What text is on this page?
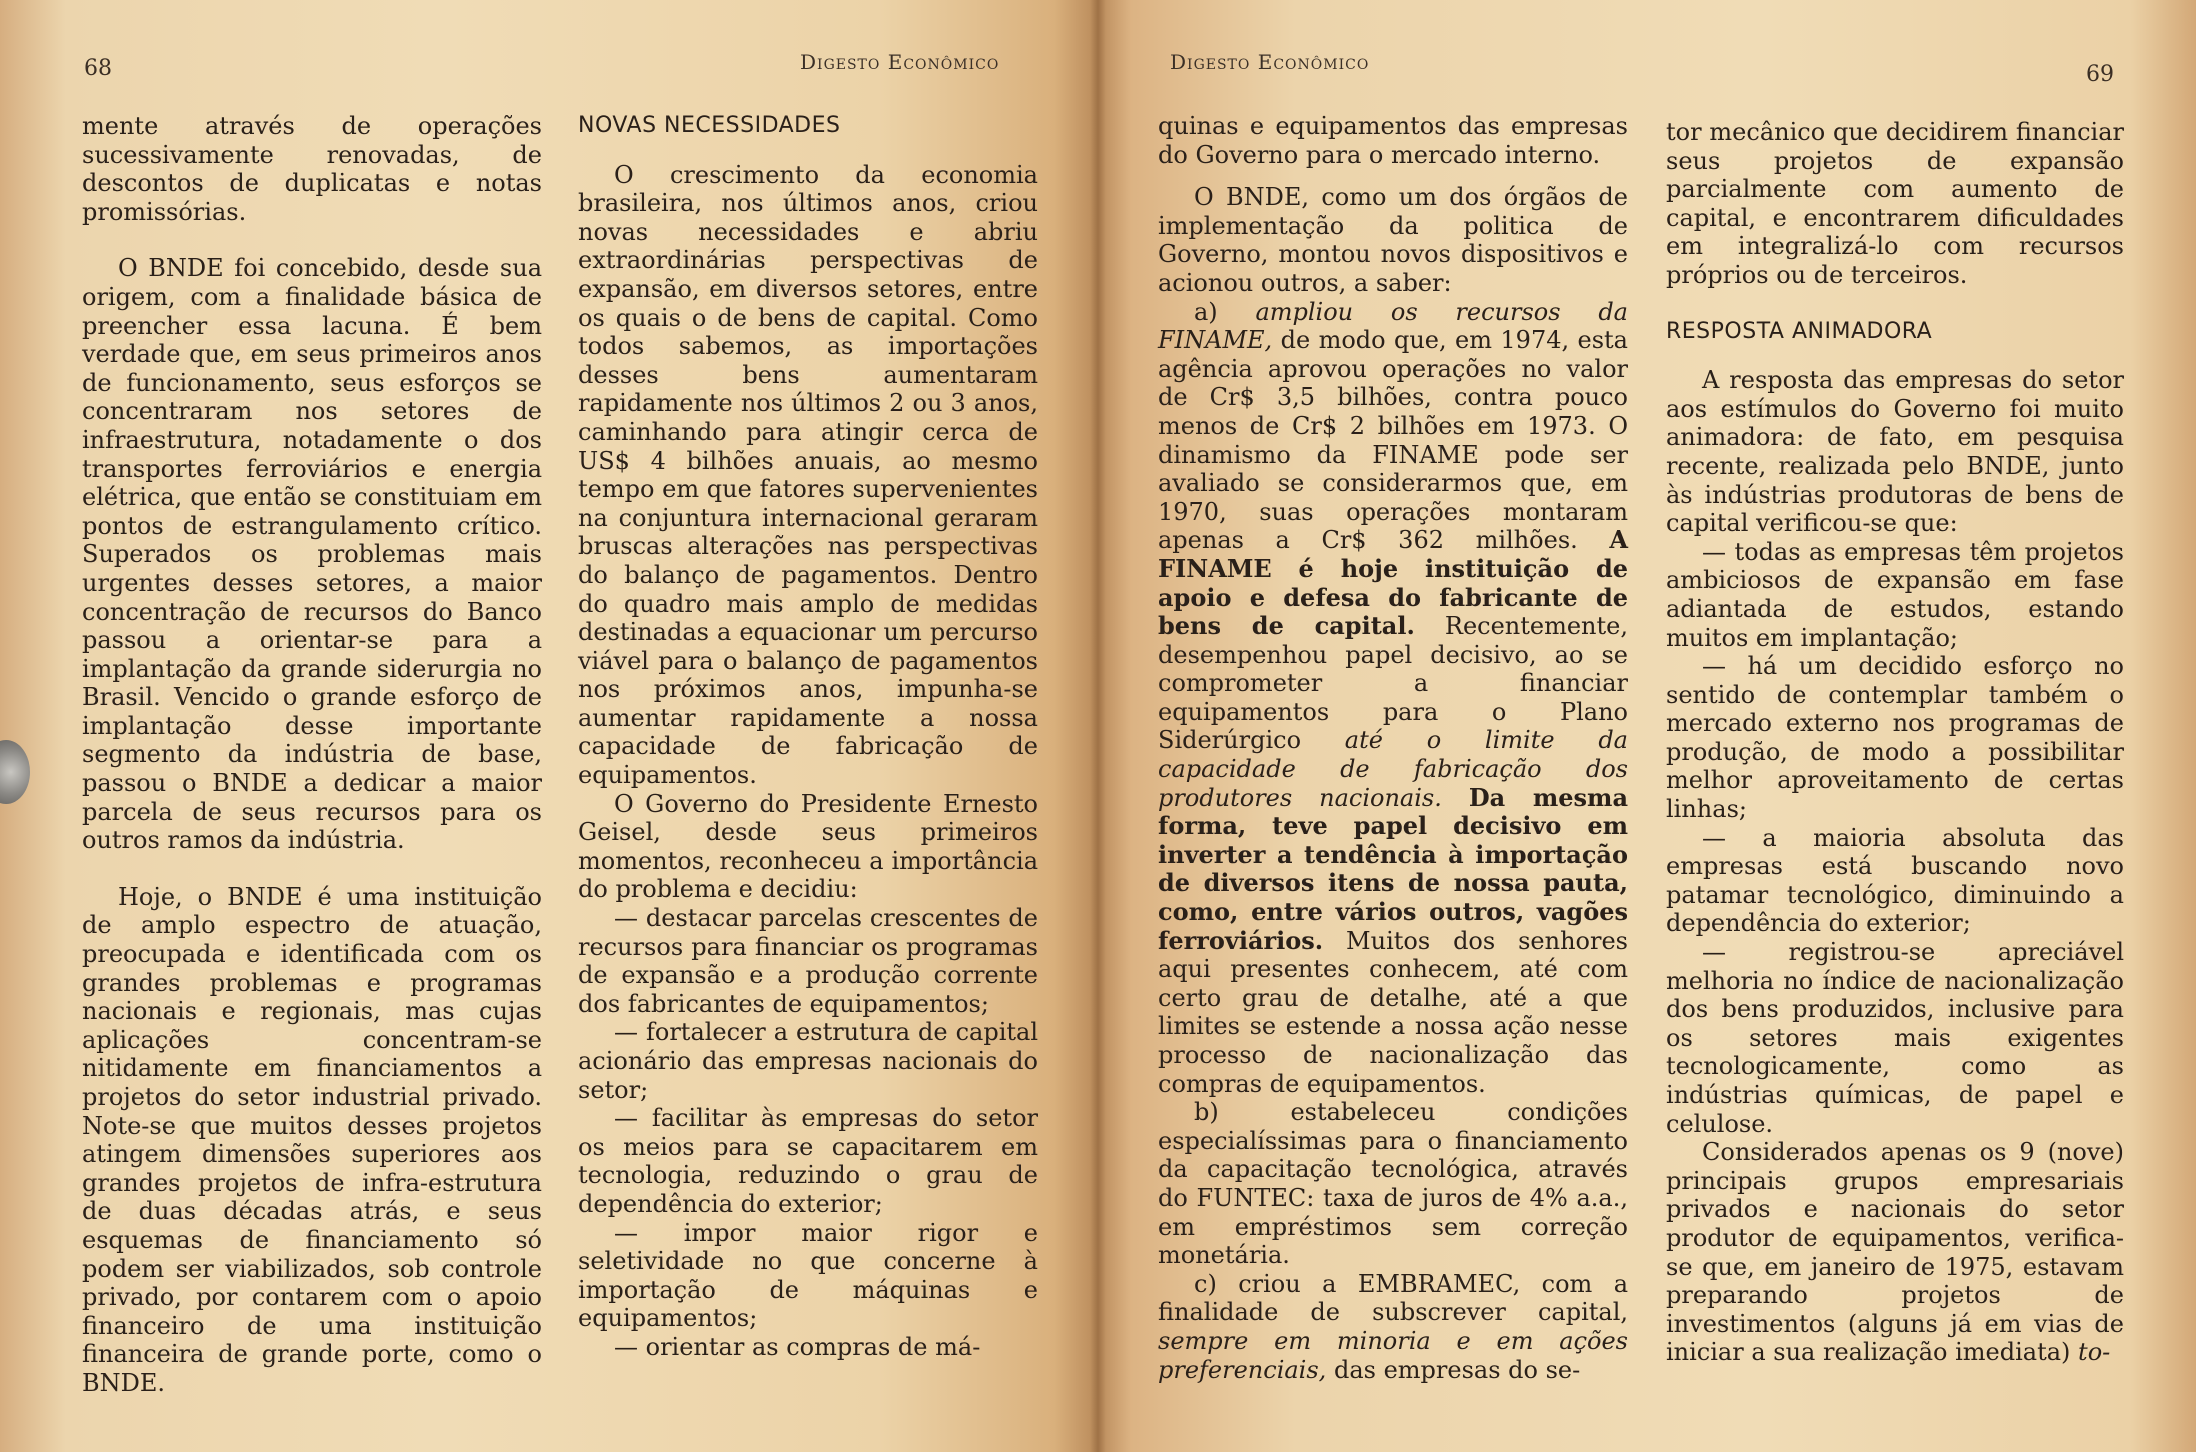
68	Digesto Econômico

mente através de operações sucessivamente renovadas, de descontos de duplicatas e notas promissórias.

O BNDE foi concebido, desde sua origem, com a finalidade básica de preencher essa lacuna. É bem verdade que, em seus primeiros anos de funcionamento, seus esforços se concentraram nos setores de infraestrutura, notadamente o dos transportes ferroviários e energia elétrica, que então se constituiam em pontos de estrangulamento crítico. Superados os problemas mais urgentes desses setores, a maior concentração de recursos do Banco passou a orientar-se para a implantação da grande siderurgia no Brasil. Vencido o grande esforço de implantação desse importante segmento da indústria de base, passou o BNDE a dedicar a maior parcela de seus recursos para os outros ramos da indústria.

Hoje, o BNDE é uma instituição de amplo espectro de atuação, preocupada e identificada com os grandes problemas e programas nacionais e regionais, mas cujas aplicações concentram-se nitidamente em financiamentos a projetos do setor industrial privado. Note-se que muitos desses projetos atingem dimensões superiores aos grandes projetos de infra-estrutura de duas décadas atrás, e seus esquemas de financiamento só podem ser viabilizados, sob controle privado, por contarem com o apoio financeiro de uma instituição financeira de grande porte, como o BNDE.

NOVAS NECESSIDADES

O crescimento da economia brasileira, nos últimos anos, criou novas necessidades e abriu extraordinárias perspectivas de expansão, em diversos setores, entre os quais o de bens de capital. Como todos sabemos, as importações desses bens aumentaram rapidamente nos últimos 2 ou 3 anos, caminhando para atingir cerca de US$ 4 bilhões anuais, ao mesmo tempo em que fatores supervenientes na conjuntura internacional geraram bruscas alterações nas perspectivas do balanço de pagamentos. Dentro do quadro mais amplo de medidas destinadas a equacionar um percurso viável para o balanço de pagamentos nos próximos anos, impunha-se aumentar rapidamente a nossa capacidade de fabricação de equipamentos.

O Governo do Presidente Ernesto Geisel, desde seus primeiros momentos, reconheceu a importância do problema e decidiu:

— destacar parcelas crescentes de recursos para financiar os programas de expansão e a produção corrente dos fabricantes de equipamentos;

— fortalecer a estrutura de capital acionário das empresas nacionais do setor;

— facilitar às empresas do setor os meios para se capacitarem em tecnologia, reduzindo o grau de dependência do exterior;

— impor maior rigor e seletividade no que concerne à importação de máquinas e equipamentos;

— orientar as compras de má-

Digesto Econômico	69

quinas e equipamentos das empresas do Governo para o mercado interno.

O BNDE, como um dos órgãos de implementação da politica de Governo, montou novos dispositivos e acionou outros, a saber:

a) ampliou os recursos da FINAME, de modo que, em 1974, esta agência aprovou operações no valor de Cr$ 3,5 bilhões, contra pouco menos de Cr$ 2 bilhões em 1973. O dinamismo da FINAME pode ser avaliado se considerarmos que, em 1970, suas operações montaram apenas a Cr$ 362 milhões. A FINAME é hoje instituição de apoio e defesa do fabricante de bens de capital. Recentemente, desempenhou papel decisivo, ao se comprometer a financiar equipamentos para o Plano Siderúrgico até o limite da capacidade de fabricação dos produtores nacionais. Da mesma forma, teve papel decisivo em inverter a tendência à importação de diversos itens de nossa pauta, como, entre vários outros, vagões ferroviários. Muitos dos senhores aqui presentes conhecem, até com certo grau de detalhe, até a que limites se estende a nossa ação nesse processo de nacionalização das compras de equipamentos.

b) estabeleceu condições especialíssimas para o financiamento da capacitação tecnológica, através do FUNTEC: taxa de juros de 4% a.a., em empréstimos sem correção monetária.

c) criou a EMBRAMEC, com a finalidade de subscrever capital, sempre em minoria e em ações preferenciais, das empresas do se-

tor mecânico que decidirem financiar seus projetos de expansão parcialmente com aumento de capital, e encontrarem dificuldades em integralizá-lo com recursos próprios ou de terceiros.

RESPOSTA ANIMADORA

A resposta das empresas do setor aos estímulos do Governo foi muito animadora: de fato, em pesquisa recente, realizada pelo BNDE, junto às indústrias produtoras de bens de capital verificou-se que:

— todas as empresas têm projetos ambiciosos de expansão em fase adiantada de estudos, estando muitos em implantação;

— há um decidido esforço no sentido de contemplar também o mercado externo nos programas de produção, de modo a possibilitar melhor aproveitamento de certas linhas;

— a maioria absoluta das empresas está buscando novo patamar tecnológico, diminuindo a dependência do exterior;

— registrou-se apreciável melhoria no índice de nacionalização dos bens produzidos, inclusive para os setores mais exigentes tecnologicamente, como as indústrias químicas, de papel e celulose.

Considerados apenas os 9 (nove) principais grupos empresariais privados e nacionais do setor produtor de equipamentos, verifica-se que, em janeiro de 1975, estavam preparando projetos de investimentos (alguns já em vias de iniciar a sua realização imediata) to-
